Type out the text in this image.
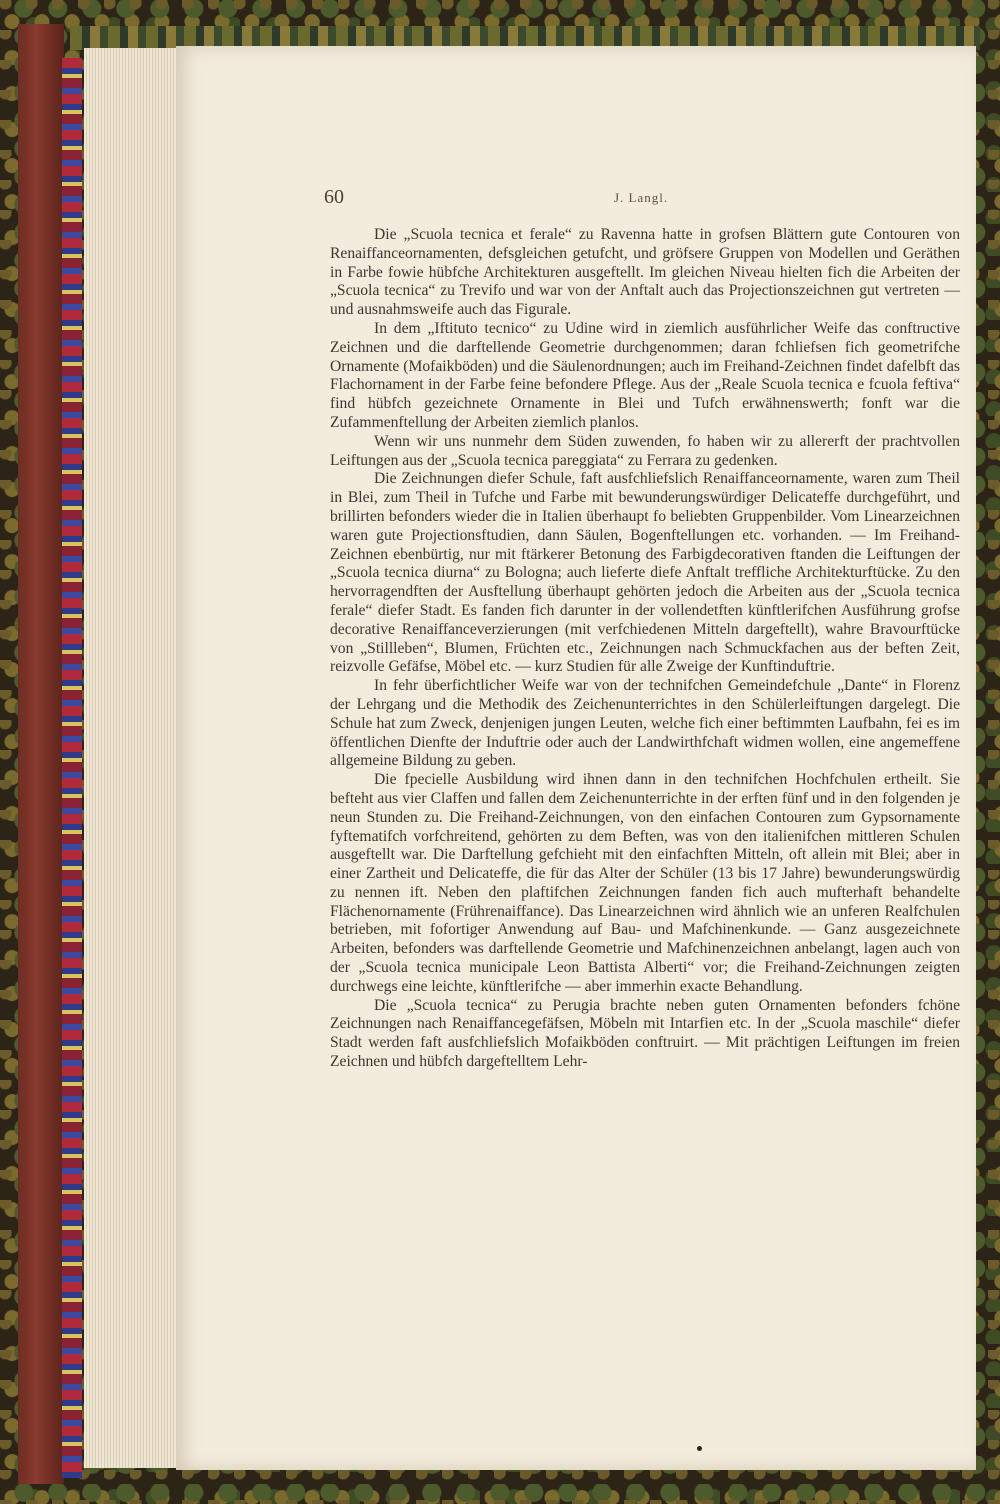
60	J. Langl.

Die „Scuola tecnica et ferale“ zu Ravenna hatte in grofsen Blättern gute Contouren von Renaiffanceornamenten, defsgleichen getufcht, und gröfsere Gruppen von Modellen und Geräthen in Farbe fowie hübfche Architekturen ausgeftellt. Im gleichen Niveau hielten fich die Arbeiten der „Scuola tecnica“ zu Trevifo und war von der Anftalt auch das Projectionszeichnen gut vertreten — und ausnahmsweife auch das Figurale.

In dem „Iftituto tecnico“ zu Udine wird in ziemlich ausführlicher Weife das conftructive Zeichnen und die darftellende Geometrie durchgenommen; daran fchliefsen fich geometrifche Ornamente (Mofaikböden) und die Säulenordnungen; auch im Freihand-Zeichnen findet dafelbft das Flachornament in der Farbe feine befondere Pflege. Aus der „Reale Scuola tecnica e fcuola feftiva“ find hübfch gezeichnete Ornamente in Blei und Tufch erwähnenswerth; fonft war die Zufammenftellung der Arbeiten ziemlich planlos.

Wenn wir uns nunmehr dem Süden zuwenden, fo haben wir zu allererft der prachtvollen Leiftungen aus der „Scuola tecnica pareggiata“ zu Ferrara zu gedenken.

Die Zeichnungen diefer Schule, faft ausfchliefslich Renaiffanceornamente, waren zum Theil in Blei, zum Theil in Tufche und Farbe mit bewunderungswürdiger Delicateffe durchgeführt, und brillirten befonders wieder die in Italien überhaupt fo beliebten Gruppenbilder. Vom Linearzeichnen waren gute Projectionsftudien, dann Säulen, Bogenftellungen etc. vorhanden. — Im Freihand-Zeichnen ebenbürtig, nur mit ftärkerer Betonung des Farbigdecorativen ftanden die Leiftungen der „Scuola tecnica diurna“ zu Bologna; auch lieferte diefe Anftalt treffliche Architekturftücke. Zu den hervorragendften der Ausftellung überhaupt gehörten jedoch die Arbeiten aus der „Scuola tecnica ferale“ diefer Stadt. Es fanden fich darunter in der vollendetften künftlerifchen Ausführung grofse decorative Renaiffanceverzierungen (mit verfchiedenen Mitteln dargeftellt), wahre Bravourftücke von „Stillleben“, Blumen, Früchten etc., Zeichnungen nach Schmuckfachen aus der beften Zeit, reizvolle Gefäfse, Möbel etc. — kurz Studien für alle Zweige der Kunftinduftrie.

In fehr überfichtlicher Weife war von der technifchen Gemeindefchule „Dante“ in Florenz der Lehrgang und die Methodik des Zeichenunterrichtes in den Schülerleiftungen dargelegt. Die Schule hat zum Zweck, denjenigen jungen Leuten, welche fich einer beftimmten Laufbahn, fei es im öffentlichen Dienfte der Induftrie oder auch der Landwirthfchaft widmen wollen, eine angemeffene allgemeine Bildung zu geben.

Die fpecielle Ausbildung wird ihnen dann in den technifchen Hochfchulen ertheilt. Sie befteht aus vier Claffen und fallen dem Zeichenunterrichte in der erften fünf und in den folgenden je neun Stunden zu. Die Freihand-Zeichnungen, von den einfachen Contouren zum Gypsornamente fyftematifch vorfchreitend, gehörten zu dem Beften, was von den italienifchen mittleren Schulen ausgeftellt war. Die Darftellung gefchieht mit den einfachften Mitteln, oft allein mit Blei; aber in einer Zartheit und Delicateffe, die für das Alter der Schüler (13 bis 17 Jahre) bewunderungswürdig zu nennen ift. Neben den plaftifchen Zeichnungen fanden fich auch mufterhaft behandelte Flächenornamente (Frührenaiffance). Das Linearzeichnen wird ähnlich wie an unferen Realfchulen betrieben, mit fofortiger Anwendung auf Bau- und Mafchinenkunde. — Ganz ausgezeichnete Arbeiten, befonders was darftellende Geometrie und Mafchinenzeichnen anbelangt, lagen auch von der „Scuola tecnica municipale Leon Battista Alberti“ vor; die Freihand-Zeichnungen zeigten durchwegs eine leichte, künftlerifche — aber immerhin exacte Behandlung.

Die „Scuola tecnica“ zu Perugia brachte neben guten Ornamenten befonders fchöne Zeichnungen nach Renaiffancegefäfsen, Möbeln mit Intarfien etc. In der „Scuola maschile“ diefer Stadt werden faft ausfchliefslich Mofaikböden conftruirt. — Mit prächtigen Leiftungen im freien Zeichnen und hübfch dargeftelltem Lehr-
